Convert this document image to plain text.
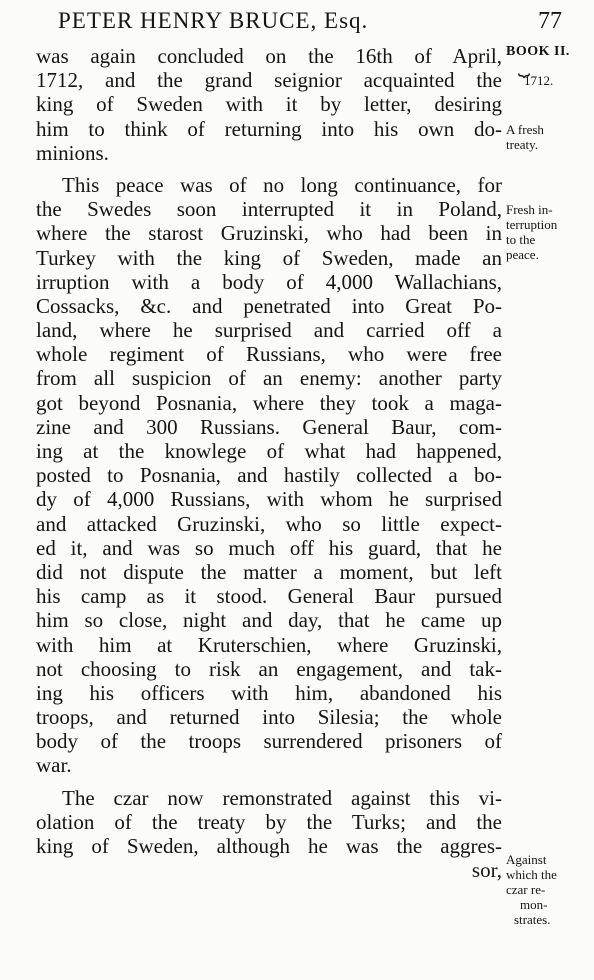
PETER HENRY BRUCE, Esq.	77
was again concluded on the 16th of April,
1712, and the grand seignior acquainted the
king of Sweden with it by letter, desiring
him to think of returning into his own do-
minions.
This peace was of no long continuance, for
the Swedes soon interrupted it in Poland,
where the starost Gruzinski, who had been in
Turkey with the king of Sweden, made an
irruption with a body of 4,000 Wallachians,
Cossacks, &c. and penetrated into Great Po-
land, where he surprised and carried off a
whole regiment of Russians, who were free
from all suspicion of an enemy: another party
got beyond Posnania, where they took a maga-
zine and 300 Russians. General Baur, com-
ing at the knowlege of what had happened,
posted to Posnania, and hastily collected a bo-
dy of 4,000 Russians, with whom he surprised
and attacked Gruzinski, who so little expect-
ed it, and was so much off his guard, that he
did not dispute the matter a moment, but left
his camp as it stood. General Baur pursued
him so close, night and day, that he came up
with him at Kruterschien, where Gruzinski,
not choosing to risk an engagement, and tak-
ing his officers with him, abandoned his
troops, and returned into Silesia; the whole
body of the troops surrendered prisoners of
war.
The czar now remonstrated against this vi-
olation of the treaty by the Turks; and the
king of Sweden, although he was the aggres-
sor,
BOOK II.
⏟
1712.
A fresh
treaty.
Fresh in-
terruption
to the
peace.
Against
which the
czar re-
mon-
strates.
